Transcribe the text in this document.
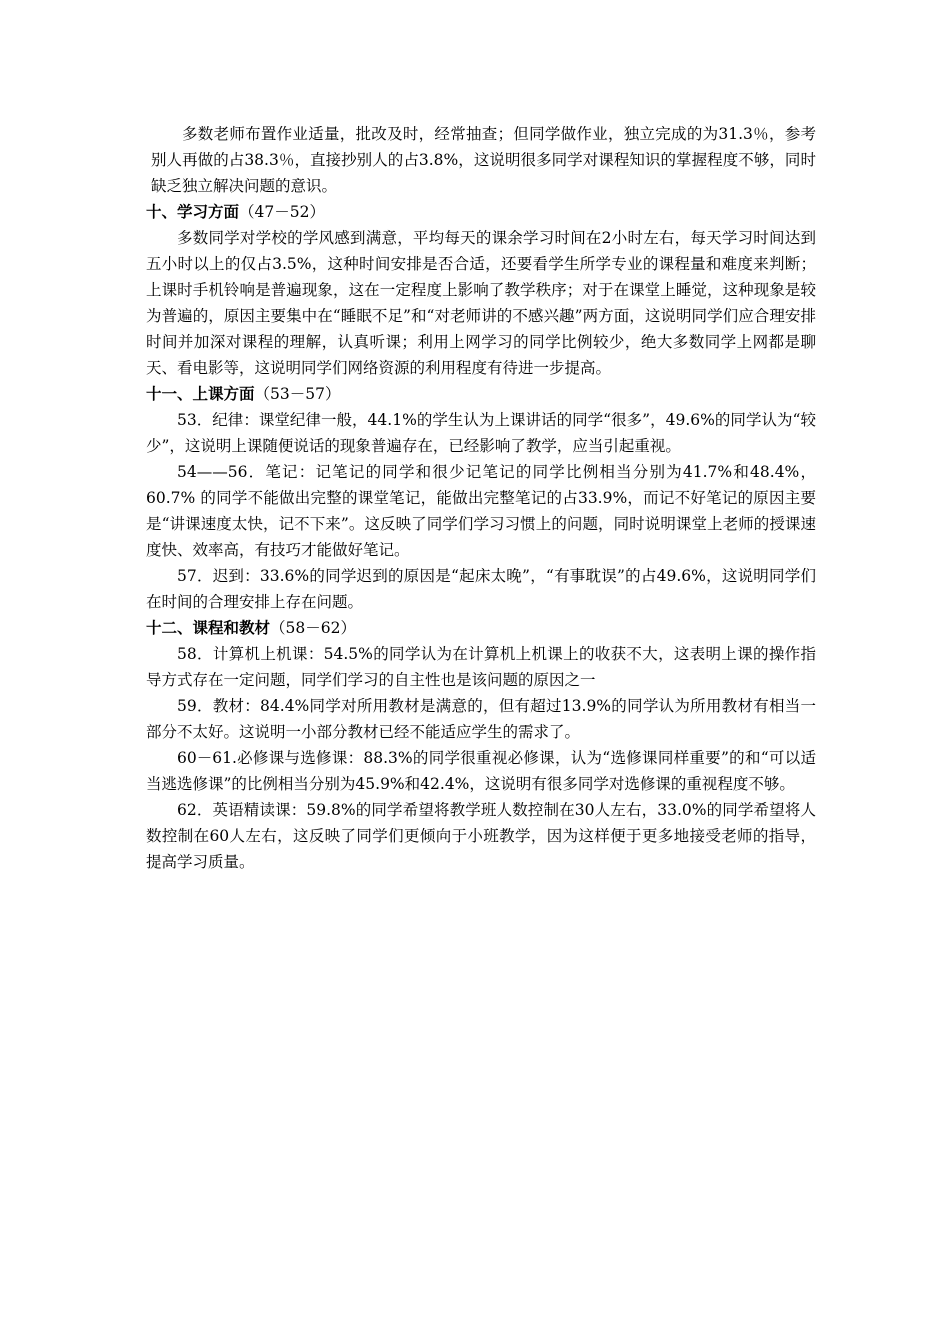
多数老师布置作业适量，批改及时，经常抽查；但同学做作业，独立完成的为31.3％，参考别人再做的占38.3％，直接抄别人的占3.8%，这说明很多同学对课程知识的掌握程度不够，同时缺乏独立解决问题的意识。

十、学习方面（47－52）

多数同学对学校的学风感到满意，平均每天的课余学习时间在2小时左右，每天学习时间达到五小时以上的仅占3.5%，这种时间安排是否合适，还要看学生所学专业的课程量和难度来判断；上课时手机铃响是普遍现象，这在一定程度上影响了教学秩序；对于在课堂上睡觉，这种现象是较为普遍的，原因主要集中在“睡眠不足”和“对老师讲的不感兴趣”两方面，这说明同学们应合理安排时间并加深对课程的理解，认真听课；利用上网学习的同学比例较少，绝大多数同学上网都是聊天、看电影等，这说明同学们网络资源的利用程度有待进一步提高。

十一、上课方面（53－57）

53．纪律：课堂纪律一般，44.1%的学生认为上课讲话的同学“很多”，49.6%的同学认为“较少”，这说明上课随便说话的现象普遍存在，已经影响了教学，应当引起重视。

54——56．笔记：记笔记的同学和很少记笔记的同学比例相当分别为41.7%和48.4%，60.7% 的同学不能做出完整的课堂笔记，能做出完整笔记的占33.9%，而记不好笔记的原因主要是“讲课速度太快，记不下来”。这反映了同学们学习习惯上的问题，同时说明课堂上老师的授课速度快、效率高，有技巧才能做好笔记。

57．迟到：33.6%的同学迟到的原因是“起床太晚”，“有事耽误”的占49.6%，这说明同学们在时间的合理安排上存在问题。

十二、课程和教材（58－62）

58．计算机上机课：54.5%的同学认为在计算机上机课上的收获不大，这表明上课的操作指导方式存在一定问题，同学们学习的自主性也是该问题的原因之一

59．教材：84.4%同学对所用教材是满意的，但有超过13.9%的同学认为所用教材有相当一部分不太好。这说明一小部分教材已经不能适应学生的需求了。

60－61.必修课与选修课：88.3%的同学很重视必修课，认为“选修课同样重要”的和“可以适当逃选修课”的比例相当分别为45.9%和42.4%，这说明有很多同学对选修课的重视程度不够。

62．英语精读课：59.8%的同学希望将教学班人数控制在30人左右，33.0%的同学希望将人数控制在60人左右，这反映了同学们更倾向于小班教学，因为这样便于更多地接受老师的指导，提高学习质量。
